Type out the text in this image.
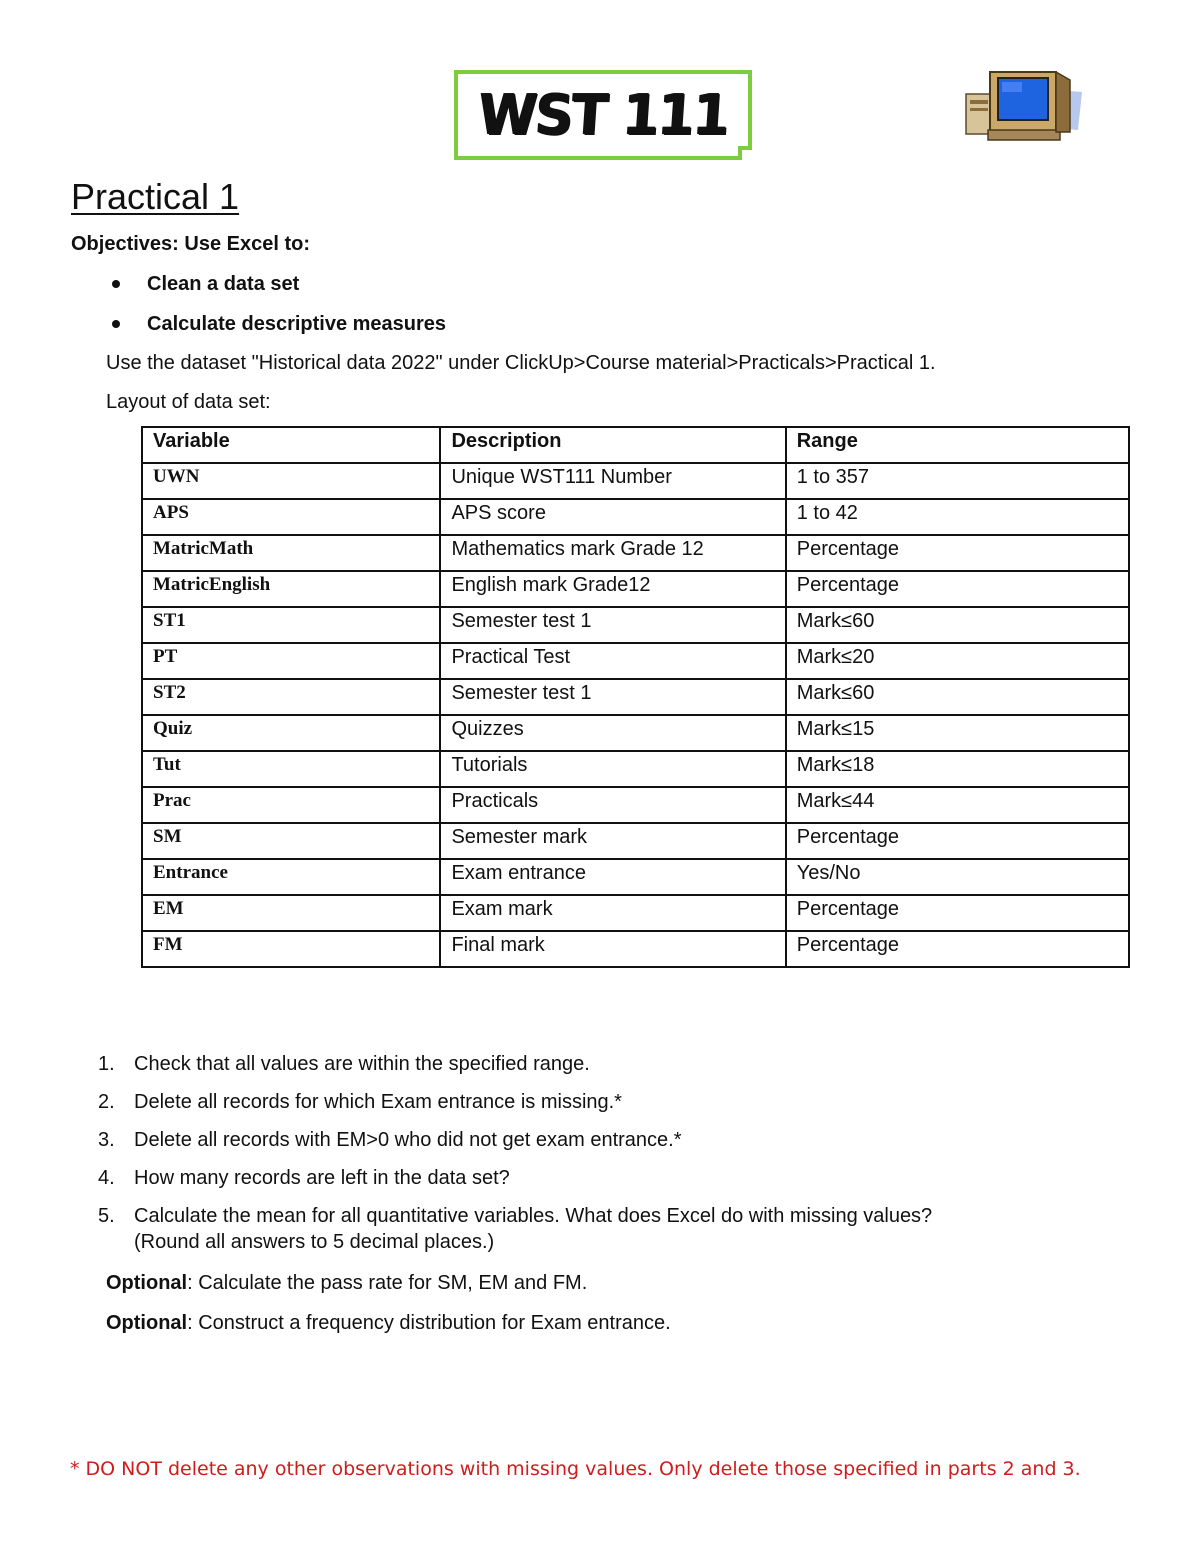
WST 111
Practical 1
Objectives: Use Excel to:
Clean a data set
Calculate descriptive measures
Use the dataset "Historical data 2022" under ClickUp>Course material>Practicals>Practical 1.
Layout of data set:
Variable	Description	Range
UWN	Unique WST111 Number	1 to 357
APS	APS score	1 to 42
MatricMath	Mathematics mark Grade 12	Percentage
MatricEnglish	English mark Grade12	Percentage
ST1	Semester test 1	Mark≤60
PT	Practical Test	Mark≤20
ST2	Semester test 1	Mark≤60
Quiz	Quizzes	Mark≤15
Tut	Tutorials	Mark≤18
Prac	Practicals	Mark≤44
SM	Semester mark	Percentage
Entrance	Exam entrance	Yes/No
EM	Exam mark	Percentage
FM	Final mark	Percentage
1. Check that all values are within the specified range.
2. Delete all records for which Exam entrance is missing.*
3. Delete all records with EM>0 who did not get exam entrance.*
4. How many records are left in the data set?
5. Calculate the mean for all quantitative variables. What does Excel do with missing values?
(Round all answers to 5 decimal places.)
Optional: Calculate the pass rate for SM, EM and FM.
Optional: Construct a frequency distribution for Exam entrance.
* DO NOT delete any other observations with missing values. Only delete those specified in parts 2 and 3.
